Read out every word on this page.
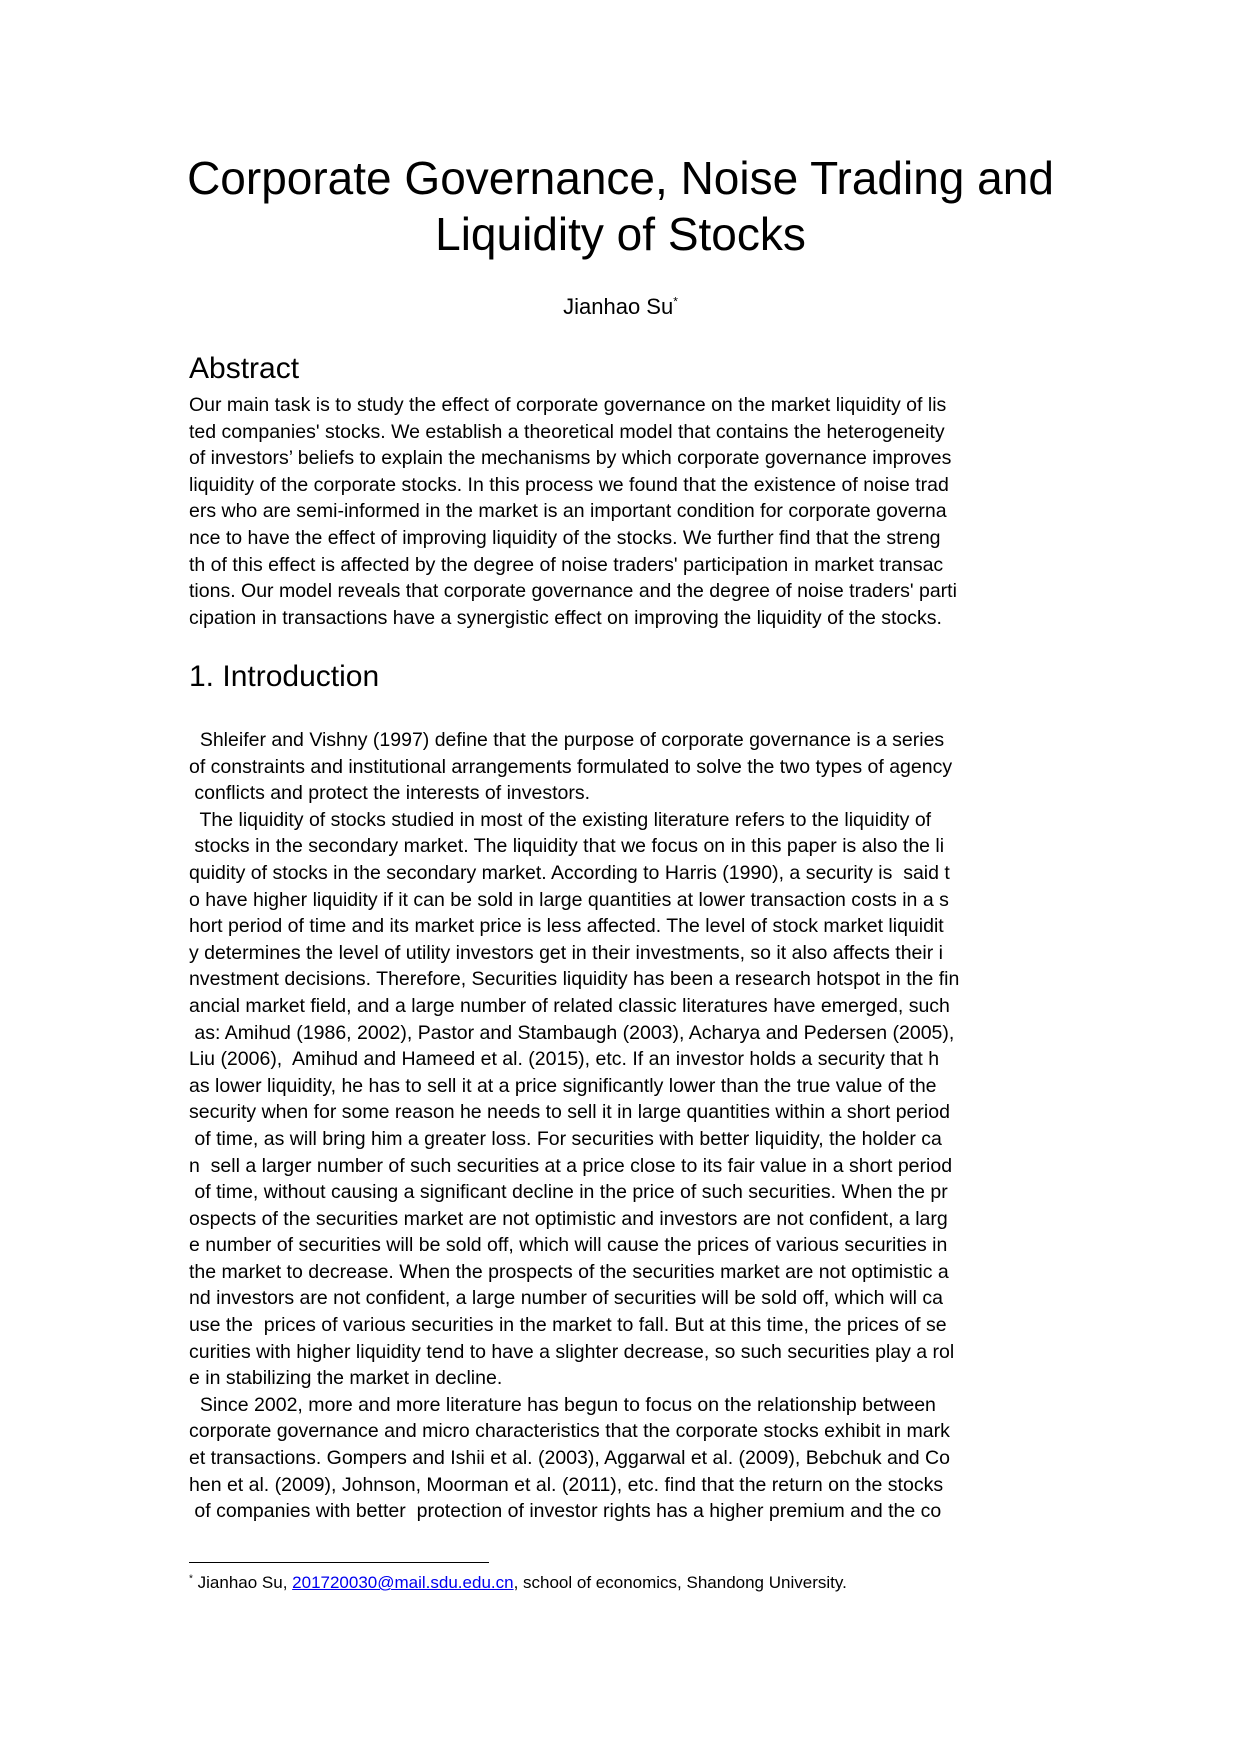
Corporate Governance, Noise Trading and
Liquidity of Stocks
Jianhao Su*
Abstract
Our main task is to study the effect of corporate governance on the market liquidity of lis
ted companies' stocks. We establish a theoretical model that contains the heterogeneity
of investors’ beliefs to explain the mechanisms by which corporate governance improves
liquidity of the corporate stocks. In this process we found that the existence of noise trad
ers who are semi-informed in the market is an important condition for corporate governa
nce to have the effect of improving liquidity of the stocks. We further find that the streng
th of this effect is affected by the degree of noise traders' participation in market transac
tions. Our model reveals that corporate governance and the degree of noise traders' parti
cipation in transactions have a synergistic effect on improving the liquidity of the stocks.
1. Introduction
Shleifer and Vishny (1997) define that the purpose of corporate governance is a series
of constraints and institutional arrangements formulated to solve the two types of agency
conflicts and protect the interests of investors.
The liquidity of stocks studied in most of the existing literature refers to the liquidity of
stocks in the secondary market. The liquidity that we focus on in this paper is also the li
quidity of stocks in the secondary market. According to Harris (1990), a security is  said t
o have higher liquidity if it can be sold in large quantities at lower transaction costs in a s
hort period of time and its market price is less affected. The level of stock market liquidit
y determines the level of utility investors get in their investments, so it also affects their i
nvestment decisions. Therefore, Securities liquidity has been a research hotspot in the fin
ancial market field, and a large number of related classic literatures have emerged, such
as: Amihud (1986, 2002), Pastor and Stambaugh (2003), Acharya and Pedersen (2005),
Liu (2006),  Amihud and Hameed et al. (2015), etc. If an investor holds a security that h
as lower liquidity, he has to sell it at a price significantly lower than the true value of the
security when for some reason he needs to sell it in large quantities within a short period
of time, as will bring him a greater loss. For securities with better liquidity, the holder ca
n  sell a larger number of such securities at a price close to its fair value in a short period
of time, without causing a significant decline in the price of such securities. When the pr
ospects of the securities market are not optimistic and investors are not confident, a larg
e number of securities will be sold off, which will cause the prices of various securities in
the market to decrease. When the prospects of the securities market are not optimistic a
nd investors are not confident, a large number of securities will be sold off, which will ca
use the  prices of various securities in the market to fall. But at this time, the prices of se
curities with higher liquidity tend to have a slighter decrease, so such securities play a rol
e in stabilizing the market in decline.
Since 2002, more and more literature has begun to focus on the relationship between
corporate governance and micro characteristics that the corporate stocks exhibit in mark
et transactions. Gompers and Ishii et al. (2003), Aggarwal et al. (2009), Bebchuk and Co
hen et al. (2009), Johnson, Moorman et al. (2011), etc. find that the return on the stocks
of companies with better  protection of investor rights has a higher premium and the co
* Jianhao Su, 201720030@mail.sdu.edu.cn, school of economics, Shandong University.
